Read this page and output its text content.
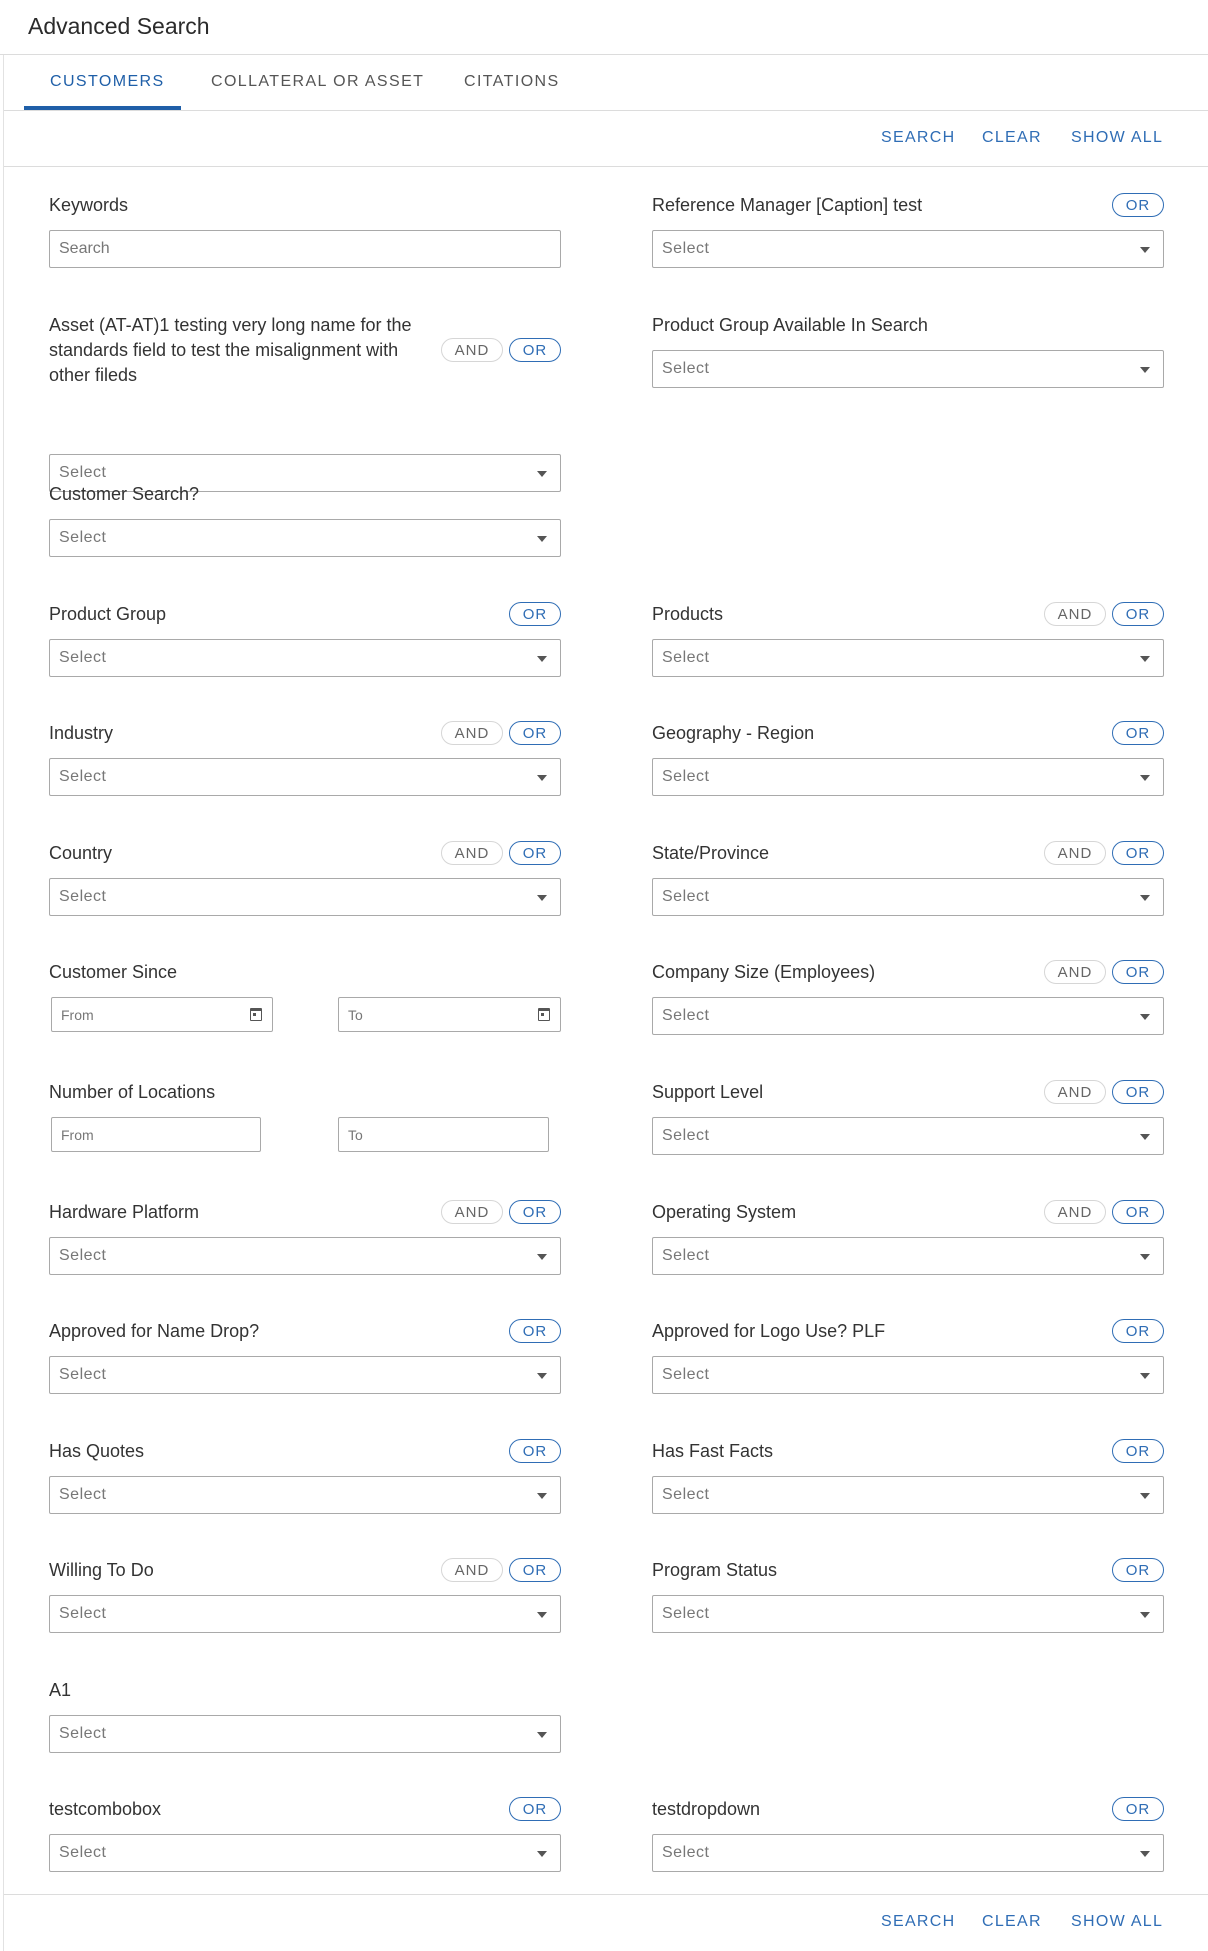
Advanced Search
CUSTOMERS	COLLATERAL OR ASSET CITATIONS
SEARCH CLEAR SHOW ALL
Keywords
Search	Reference Manager [Caption] test	OR
Select
Asset (AT-AT)1 testing very long name for the standards field to test the misalignment with other fileds
AND	OR
Select
Product Group Available In Search
Select
Customer Search?
Select
Product Group	OR
Select
Products	AND	OR
Select
Industry	AND	OR
Select
Geography - Region	OR
Select
Country	AND	OR
Select
State/Province	AND	OR
Select
Customer Since
From	To
Company Size (Employees)	AND	OR
Select
Number of Locations
From	To
Support Level	AND	OR
Select
Hardware Platform	AND	OR
Select
Operating System	AND	OR
Select
Approved for Name Drop?	OR
Select
Approved for Logo Use? PLF	OR
Select
Has Quotes	OR
Select
Has Fast Facts	OR
Select
Willing To Do	AND	OR
Select
Program Status	OR
Select
A1
Select
testcombobox	OR
Select
testdropdown	OR
Select
SEARCH CLEAR SHOW ALL
